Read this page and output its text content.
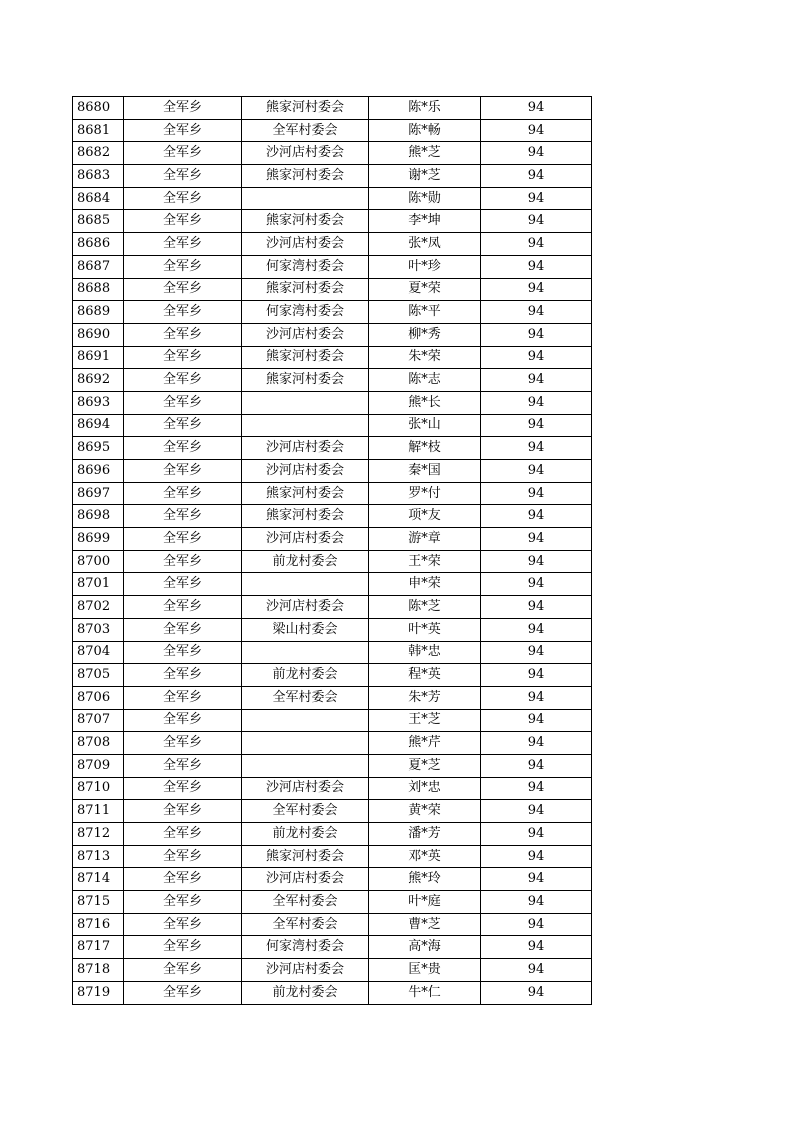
8680	全军乡	熊家河村委会	陈*乐	94
8681	全军乡	全军村委会	陈*畅	94
8682	全军乡	沙河店村委会	熊*芝	94
8683	全军乡	熊家河村委会	谢*芝	94
8684	全军乡		陈*勋	94
8685	全军乡	熊家河村委会	李*坤	94
8686	全军乡	沙河店村委会	张*凤	94
8687	全军乡	何家湾村委会	叶*珍	94
8688	全军乡	熊家河村委会	夏*荣	94
8689	全军乡	何家湾村委会	陈*平	94
8690	全军乡	沙河店村委会	柳*秀	94
8691	全军乡	熊家河村委会	朱*荣	94
8692	全军乡	熊家河村委会	陈*志	94
8693	全军乡		熊*长	94
8694	全军乡		张*山	94
8695	全军乡	沙河店村委会	解*枝	94
8696	全军乡	沙河店村委会	秦*国	94
8697	全军乡	熊家河村委会	罗*付	94
8698	全军乡	熊家河村委会	项*友	94
8699	全军乡	沙河店村委会	游*章	94
8700	全军乡	前龙村委会	王*荣	94
8701	全军乡		申*荣	94
8702	全军乡	沙河店村委会	陈*芝	94
8703	全军乡	梁山村委会	叶*英	94
8704	全军乡		韩*忠	94
8705	全军乡	前龙村委会	程*英	94
8706	全军乡	全军村委会	朱*芳	94
8707	全军乡		王*芝	94
8708	全军乡		熊*芹	94
8709	全军乡		夏*芝	94
8710	全军乡	沙河店村委会	刘*忠	94
8711	全军乡	全军村委会	黄*荣	94
8712	全军乡	前龙村委会	潘*芳	94
8713	全军乡	熊家河村委会	邓*英	94
8714	全军乡	沙河店村委会	熊*玲	94
8715	全军乡	全军村委会	叶*庭	94
8716	全军乡	全军村委会	曹*芝	94
8717	全军乡	何家湾村委会	高*海	94
8718	全军乡	沙河店村委会	匡*贵	94
8719	全军乡	前龙村委会	牛*仁	94
